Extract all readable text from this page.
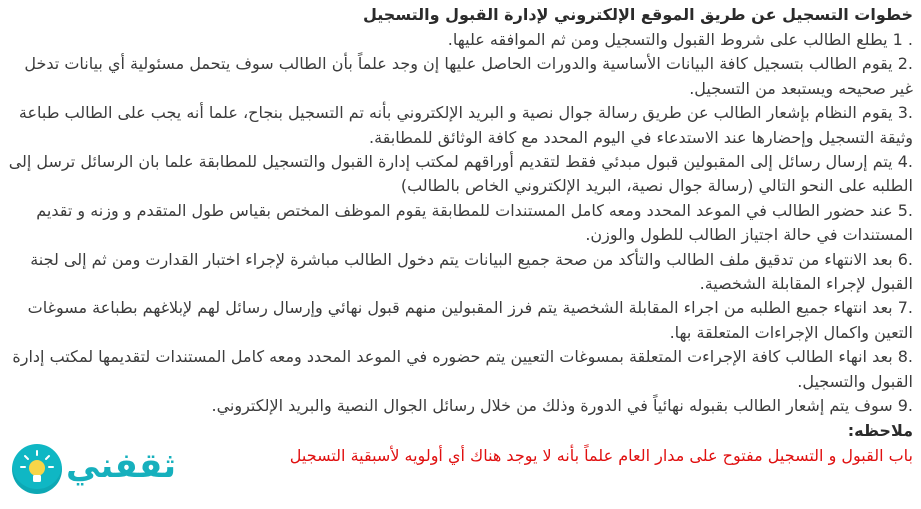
خطوات التسجيل عن طريق الموقع الإلكتروني لإدارة القبول والتسجيل

1 . يطلع الطالب على شروط القبول والتسجيل ومن ثم الموافقه عليها.
2. يقوم الطالب بتسجيل كافة البيانات الأساسية والدورات الحاصل عليها إن وجد علماً بأن الطالب سوف يتحمل مسئولية أي بيانات تدخل غير صحيحه ويستبعد من التسجيل.
3. يقوم النظام بإشعار الطالب عن طريق رسالة جوال نصية و البريد الإلكتروني بأنه تم التسجيل بنجاح، علما أنه يجب على الطالب طباعة وثيقة التسجيل وإحضارها عند الاستدعاء في اليوم المحدد مع كافة الوثائق للمطابقة.
4. يتم إرسال رسائل إلى المقبولين قبول مبدئي فقط لتقديم أوراقهم لمكتب إدارة القبول والتسجيل للمطابقة علما بان الرسائل ترسل إلى الطلبه على النحو التالي (رسالة جوال نصية، البريد الإلكتروني الخاص بالطالب)
5. عند حضور الطالب في الموعد المحدد ومعه كامل المستندات للمطابقة يقوم الموظف المختص بقياس طول المتقدم و وزنه و تقديم المستندات في حالة اجتياز الطالب للطول والوزن.
6. بعد الانتهاء من تدقيق ملف الطالب والتأكد من صحة جميع البيانات يتم دخول الطالب مباشرة لإجراء اختبار القدارت ومن ثم إلى لجنة القبول لإجراء المقابلة الشخصية.
7. بعد انتهاء جميع الطلبه من اجراء المقابلة الشخصية يتم فرز المقبولين منهم قبول نهائي وإرسال رسائل لهم لإبلاغهم بطباعة مسوغات التعين واكمال الإجراءات المتعلقة بها.
8. بعد انهاء الطالب كافة الإجراءت المتعلقة بمسوغات التعيين يتم حضوره في الموعد المحدد ومعه كامل المستندات لتقديمها لمكتب إدارة القبول والتسجيل.
9. سوف يتم إشعار الطالب بقبوله نهائياً في الدورة وذلك من خلال رسائل الجوال النصية والبريد الإلكتروني.

ملاحظه:

باب القبول و التسجيل مفتوح على مدار العام علماً بأنه لا يوجد هناك أي أولويه لأسبقية التسجيل

ثقفني
